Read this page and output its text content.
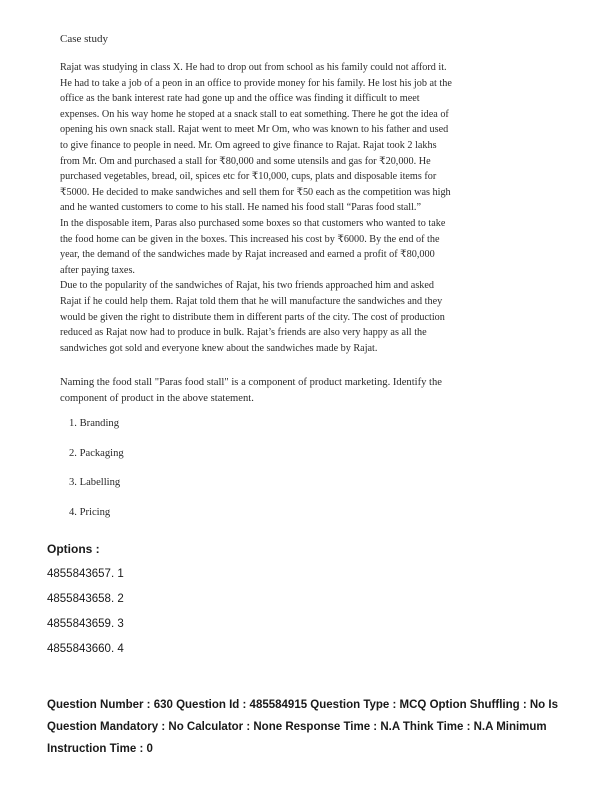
Case study

Rajat was studying in class X. He had to drop out from school as his family could not afford it. He had to take a job of a peon in an office to provide money for his family. He lost his job at the office as the bank interest rate had gone up and the office was finding it difficult to meet expenses. On his way home he stoped at a snack stall to eat something. There he got the idea of opening his own snack stall. Rajat went to meet Mr Om, who was known to his father and used to give finance to people in need. Mr. Om agreed to give finance to Rajat. Rajat took 2 lakhs from Mr. Om and purchased a stall for ₹80,000 and some utensils and gas for ₹20,000. He purchased vegetables, bread, oil, spices etc for ₹10,000, cups, plats and disposable items for ₹5000. He decided to make sandwiches and sell them for ₹50 each as the competition was high and he wanted customers to come to his stall. He named his food stall “Paras food stall.”

In the disposable item, Paras also purchased some boxes so that customers who wanted to take the food home can be given in the boxes. This increased his cost by ₹6000. By the end of the year, the demand of the sandwiches made by Rajat increased and earned a profit of ₹80,000 after paying taxes.

Due to the popularity of the sandwiches of Rajat, his two friends approached him and asked Rajat if he could help them. Rajat told them that he will manufacture the sandwiches and they would be given the right to distribute them in different parts of the city. The cost of production reduced as Rajat now had to produce in bulk. Rajat’s friends are also very happy as all the sandwiches got sold and everyone knew about the sandwiches made by Rajat.

Naming the food stall "Paras food stall" is a component of product marketing. Identify the component of product in the above statement.
1. Branding
2. Packaging
3. Labelling
4. Pricing
Options :
4855843657. 1
4855843658. 2
4855843659. 3
4855843660. 4
Question Number : 630 Question Id : 485584915 Question Type : MCQ Option Shuffling : No Is Question Mandatory : No Calculator : None Response Time : N.A Think Time : N.A Minimum Instruction Time : 0
